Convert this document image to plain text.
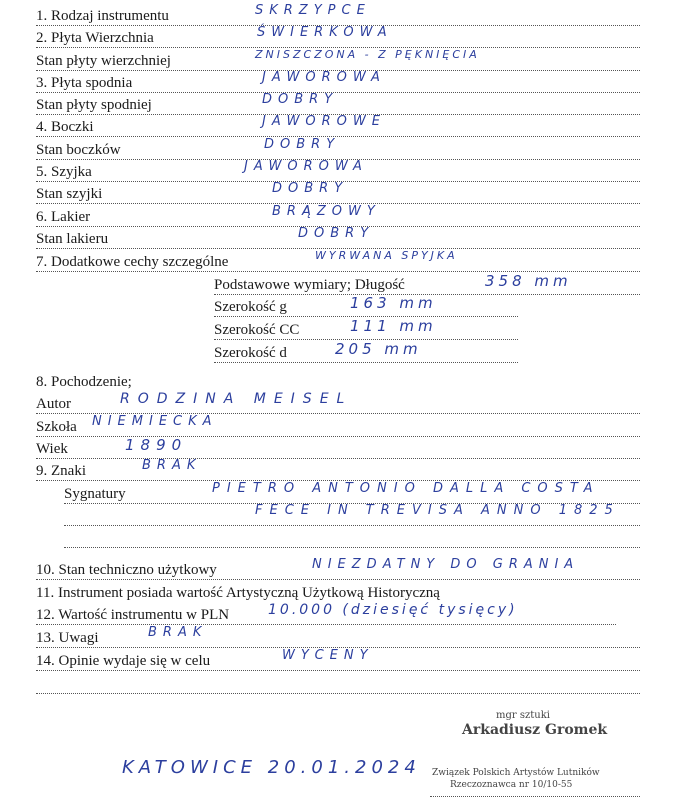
1. Rodzaj instrumentu	SKRZYPCE
2. Płyta Wierzchnia	ŚWIERKOWA
Stan płyty wierzchniej	ZNISZCZONA - Z PĘKNIĘCIA
3. Płyta spodnia	JAWOROWA
Stan płyty spodniej	DOBRY
4. Boczki	JAWOROWE
Stan boczków	DOBRY
5. Szyjka	JAWOROWA
Stan szyjki	DOBRY
6. Lakier	BRĄZOWY
Stan lakieru	DOBRY
7. Dodatkowe cechy szczególne	WYRWANA SPYJKA
Podstawowe wymiary; Długość	358 mm
Szerokość g	163 mm
Szerokość CC	111 mm
Szerokość d	205 mm
8. Pochodzenie;
Autor	RODZINA MEISEL
Szkoła NIEMIECKA
Wiek	1890
9. Znaki	BRAK
Sygnatury	PIETRO ANTONIO DALLA COSTA
FECE IN TREVISA ANNO 1825
10. Stan techniczno użytkowy	NIEZDATNY DO GRANIA
11. Instrument posiada wartość Artystyczną Użytkową Historyczną
12. Wartość instrumentu w PLN	10.000 (dziesięć tysięcy)
13. Uwagi	BRAK
14. Opinie wydaje się w celu	WYCENY
KATOWICE 20.01.2024
mgr sztuki
Arkadiusz Gromek
Związek Polskich Artystów Lutników
Rzeczoznawca nr 10/10-55
